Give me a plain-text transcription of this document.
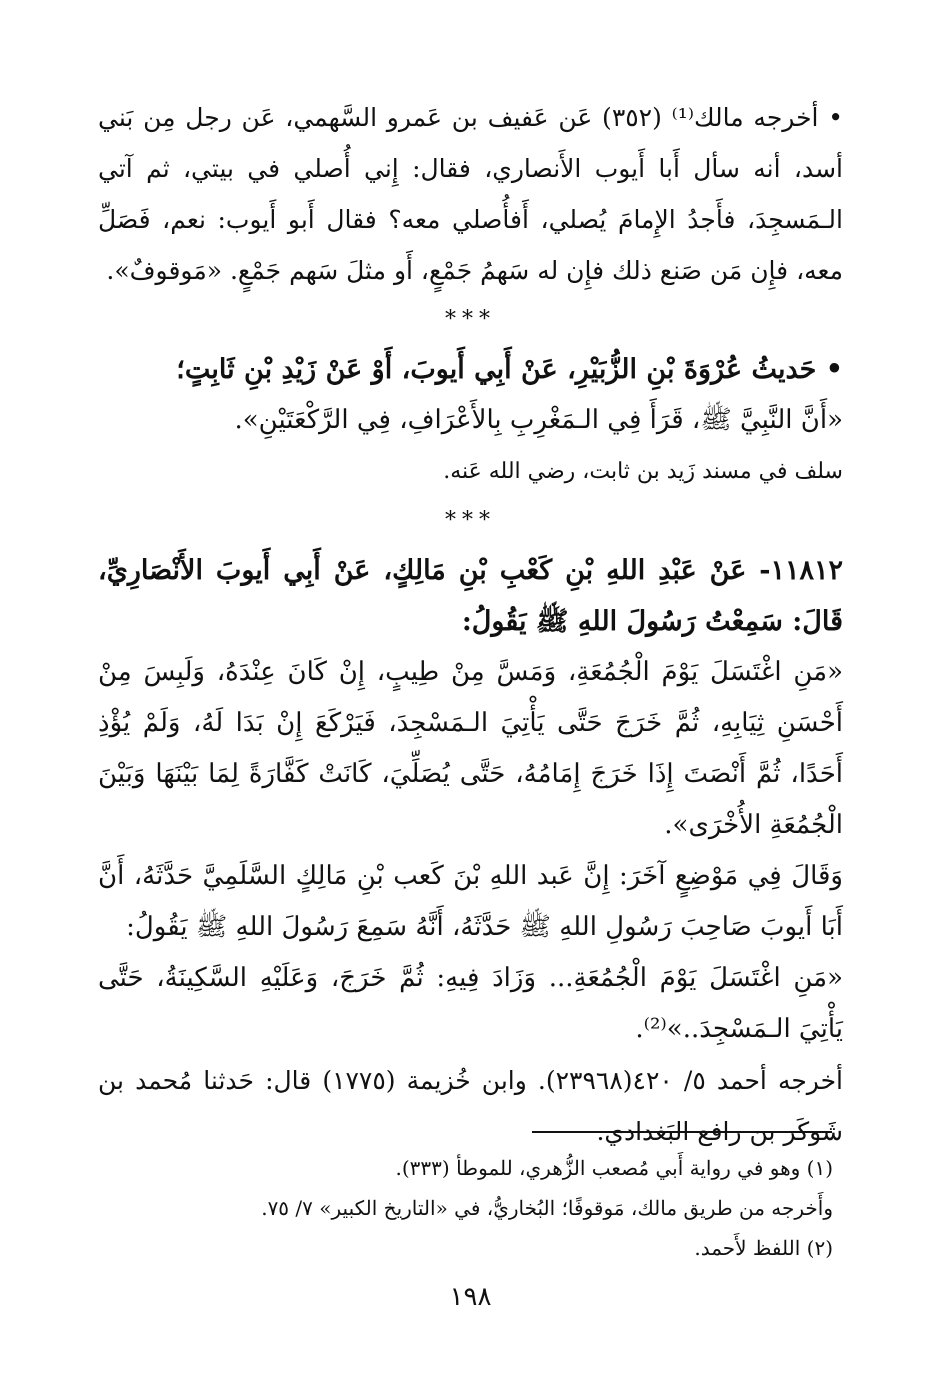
• أخرجه مالك⁽¹⁾ (٣٥٢) عَن عَفيف بن عَمرو السَّهمي، عَن رجل مِن بَني أسد، أنه سأل أَبا أَيوب الأَنصاري، فقال: إِني أُصلي في بيتي، ثم آتي الـمَسجِدَ، فأَجدُ الإِمامَ يُصلي، أَفأُصلي معه؟ فقال أَبو أَيوب: نعم، فَصَلِّ معه، فإِن مَن صَنع ذلك فإِن له سَهمُ جَمْعٍ، أَو مثلَ سَهم جَمْعٍ. «مَوقوفٌ».

***

• حَديثُ عُرْوَةَ بْنِ الزُّبَيْرِ، عَنْ أَبِي أَيوبَ، أَوْ عَنْ زَيْدِ بْنِ ثَابِتٍ؛

«أَنَّ النَّبِيَّ ﷺ، قَرَأَ فِي الـمَغْرِبِ بِالأَعْرَافِ، فِي الرَّكْعَتَيْنِ».

سلف في مسند زَيد بن ثابت، رضي الله عَنه.

***

١١٨١٢- عَنْ عَبْدِ اللهِ بْنِ كَعْبِ بْنِ مَالِكٍ، عَنْ أَبِي أَيوبَ الأَنْصَارِيِّ، قَالَ: سَمِعْتُ رَسُولَ اللهِ ﷺ يَقُولُ:

«مَنِ اغْتَسَلَ يَوْمَ الْجُمُعَةِ، وَمَسَّ مِنْ طِيبٍ، إِنْ كَانَ عِنْدَهُ، وَلَبِسَ مِنْ أَحْسَنِ ثِيَابِهِ، ثُمَّ خَرَجَ حَتَّى يَأْتِيَ الـمَسْجِدَ، فَيَرْكَعَ إِنْ بَدَا لَهُ، وَلَمْ يُؤْذِ أَحَدًا، ثُمَّ أَنْصَتَ إِذَا خَرَجَ إِمَامُهُ، حَتَّى يُصَلِّيَ، كَانَتْ كَفَّارَةً لِمَا بَيْنَهَا وَبَيْنَ الْجُمُعَةِ الأُخْرَى».

وَقَالَ فِي مَوْضِعٍ آخَرَ: إِنَّ عَبد اللهِ بْنَ كَعب بْنِ مَالِكٍ السَّلَمِيَّ حَدَّثَهُ، أَنَّ أَبَا أَيوبَ صَاحِبَ رَسُولِ اللهِ ﷺ حَدَّثَهُ، أَنَّهُ سَمِعَ رَسُولَ اللهِ ﷺ يَقُولُ:

«مَنِ اغْتَسَلَ يَوْمَ الْجُمُعَةِ... وَزَادَ فِيهِ: ثُمَّ خَرَجَ، وَعَلَيْهِ السَّكِينَةُ، حَتَّى يَأْتِيَ الـمَسْجِدَ..»⁽²⁾.

أخرجه أحمد ٥/ ٤٢٠(٢٣٩٦٨). وابن خُزيمة (١٧٧٥) قال: حَدثنا مُحمد بن شَوكَر بن رافع البَغدادي.

(١) وهو في رواية أَبي مُصعب الزُّهري، للموطأ (٣٣٣).

وأَخرجه من طريق مالك، مَوقوفًا؛ البُخاريُّ، في «التاريخ الكبير» ٧/ ٧٥.

(٢) اللفظ لأَحمد.

١٩٨
